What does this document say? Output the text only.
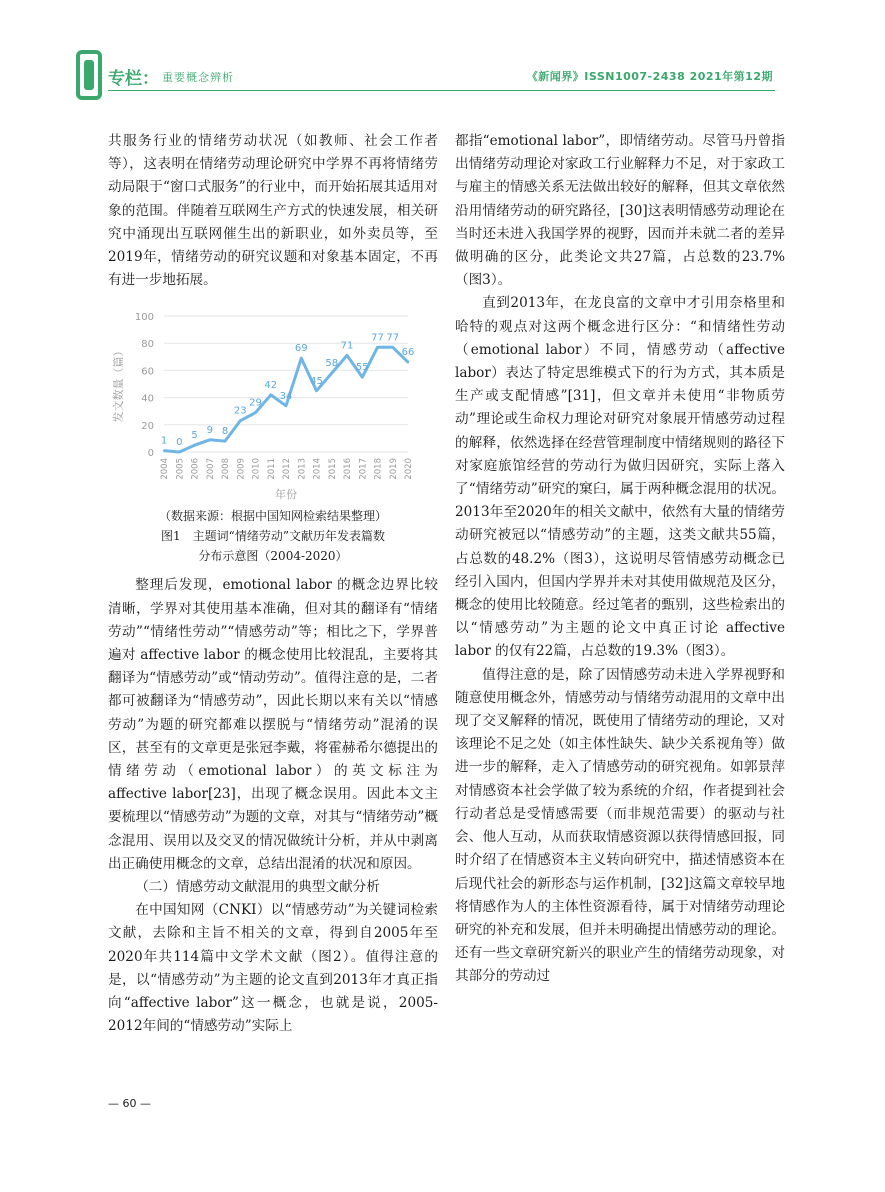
专栏： 重要概念辨析	《新闻界》ISSN1007-2438 2021年第12期

共服务行业的情绪劳动状况（如教师、社会工作者等），这表明在情绪劳动理论研究中学界不再将情绪劳动局限于“窗口式服务”的行业中，而开始拓展其适用对象的范围。伴随着互联网生产方式的快速发展，相关研究中涌现出互联网催生出的新职业，如外卖员等，至2019年，情绪劳动的研究议题和对象基本固定，不再有进一步地拓展。

0
20
40
60
80
100
发文数量（篇）
2004 2005 2006 2007 2008 2009 2010 2011 2012 2013 2014 2015 2016 2017 2018 2019 2020
年份
1 0
5 9 8
23
29
42
34
69
45
58
71
55
77 77
66
（数据来源：根据中国知网检索结果整理）
图1　主题词“情绪劳动”文献历年发表篇数
分布示意图（2004-2020）

整理后发现，emotional labor 的概念边界比较清晰，学界对其使用基本准确，但对其的翻译有“情绪劳动”“情绪性劳动”“情感劳动”等；相比之下，学界普遍对 affective labor 的概念使用比较混乱，主要将其翻译为“情感劳动”或“情动劳动”。值得注意的是，二者都可被翻译为“情感劳动”，因此长期以来有关以“情感劳动”为题的研究都难以摆脱与“情绪劳动”混淆的误区，甚至有的文章更是张冠李戴，将霍赫希尔德提出的情绪劳动（emotional labor）的英文标注为 affective labor[23]，出现了概念误用。因此本文主要梳理以“情感劳动”为题的文章，对其与“情绪劳动”概念混用、误用以及交叉的情况做统计分析，并从中剥离出正确使用概念的文章，总结出混淆的状况和原因。

（二）情感劳动文献混用的典型文献分析

在中国知网（CNKI）以“情感劳动”为关键词检索文献，去除和主旨不相关的文章，得到自2005年至2020年共114篇中文学术文献（图2）。值得注意的是，以“情感劳动”为主题的论文直到2013年才真正指向“affective labor”这一概念，也就是说，2005-2012年间的“情感劳动”实际上

都指“emotional labor”，即情绪劳动。尽管马丹曾指出情绪劳动理论对家政工行业解释力不足，对于家政工与雇主的情感关系无法做出较好的解释，但其文章依然沿用情绪劳动的研究路径，[30]这表明情感劳动理论在当时还未进入我国学界的视野，因而并未就二者的差异做明确的区分，此类论文共27篇，占总数的23.7%（图3）。

直到2013年，在龙良富的文章中才引用奈格里和哈特的观点对这两个概念进行区分：“和情绪性劳动（emotional labor）不同，情感劳动（affective labor）表达了特定思维模式下的行为方式，其本质是生产或支配情感”[31]，但文章并未使用“非物质劳动”理论或生命权力理论对研究对象展开情感劳动过程的解释，依然选择在经营管理制度中情绪规则的路径下对家庭旅馆经营的劳动行为做归因研究，实际上落入了“情绪劳动”研究的窠臼，属于两种概念混用的状况。2013年至2020年的相关文献中，依然有大量的情绪劳动研究被冠以“情感劳动”的主题，这类文献共55篇，占总数的48.2%（图3），这说明尽管情感劳动概念已经引入国内，但国内学界并未对其使用做规范及区分，概念的使用比较随意。经过笔者的甄别，这些检索出的以“情感劳动”为主题的论文中真正讨论 affective labor 的仅有22篇，占总数的19.3%（图3）。

值得注意的是，除了因情感劳动未进入学界视野和随意使用概念外，情感劳动与情绪劳动混用的文章中出现了交叉解释的情况，既使用了情绪劳动的理论，又对该理论不足之处（如主体性缺失、缺少关系视角等）做进一步的解释，走入了情感劳动的研究视角。如郭景萍对情感资本社会学做了较为系统的介绍，作者提到社会行动者总是受情感需要（而非规范需要）的驱动与社会、他人互动，从而获取情感资源以获得情感回报，同时介绍了在情感资本主义转向研究中，描述情感资本在后现代社会的新形态与运作机制，[32]这篇文章较早地将情感作为人的主体性资源看待，属于对情绪劳动理论研究的补充和发展，但并未明确提出情感劳动的理论。还有一些文章研究新兴的职业产生的情绪劳动现象，对其部分的劳动过

— 60 —
